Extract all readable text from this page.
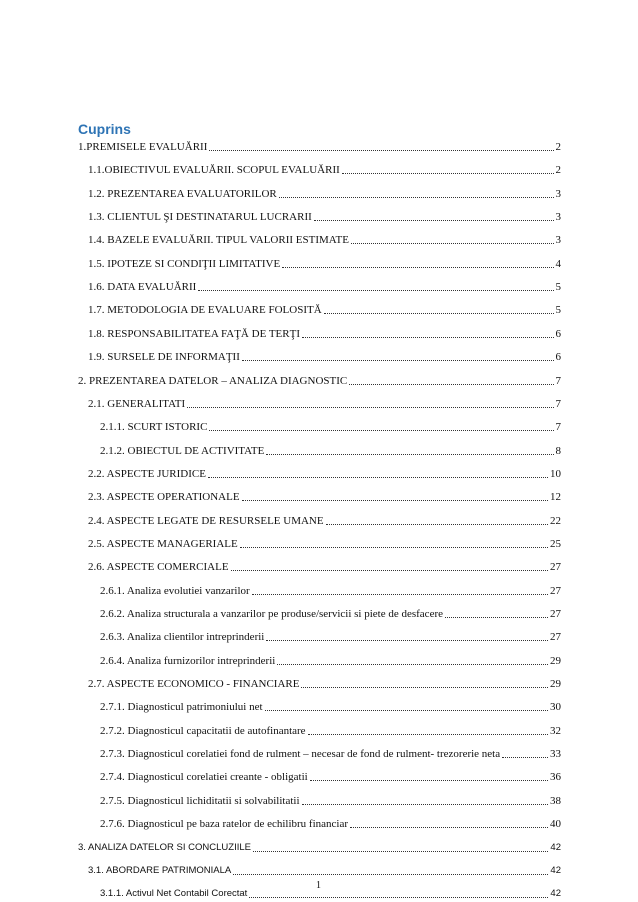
Cuprins
1.PREMISELE EVALUĂRII	2
1.1.OBIECTIVUL EVALUĂRII. SCOPUL EVALUĂRII	2
1.2. PREZENTAREA EVALUATORILOR	3
1.3. CLIENTUL ŞI DESTINATARUL LUCRARII	3
1.4. BAZELE EVALUĂRII. TIPUL VALORII ESTIMATE	3
1.5. IPOTEZE SI CONDIŢII LIMITATIVE	4
1.6. DATA EVALUĂRII	5
1.7. METODOLOGIA DE EVALUARE FOLOSITĂ	5
1.8. RESPONSABILITATEA FAŢĂ DE TERŢI	6
1.9. SURSELE DE INFORMAŢII	6
2. PREZENTAREA DATELOR – ANALIZA DIAGNOSTIC	7
2.1. GENERALITATI	7
2.1.1. SCURT ISTORIC	7
2.1.2. OBIECTUL DE ACTIVITATE	8
2.2. ASPECTE JURIDICE	10
2.3. ASPECTE OPERATIONALE	12
2.4. ASPECTE LEGATE DE RESURSELE UMANE	22
2.5. ASPECTE MANAGERIALE	25
2.6. ASPECTE COMERCIALE	27
2.6.1. Analiza evolutiei vanzarilor	27
2.6.2. Analiza structurala a vanzarilor pe produse/servicii si piete de desfacere	27
2.6.3. Analiza clientilor intreprinderii	27
2.6.4. Analiza furnizorilor intreprinderii	29
2.7. ASPECTE ECONOMICO - FINANCIARE	29
2.7.1. Diagnosticul patrimoniului net	30
2.7.2. Diagnosticul capacitatii de autofinantare	32
2.7.3. Diagnosticul corelatiei fond de rulment – necesar de fond de rulment- trezorerie neta	33
2.7.4. Diagnosticul corelatiei creante - obligatii	36
2.7.5. Diagnosticul lichiditatii si solvabilitatii	38
2.7.6. Diagnosticul pe baza ratelor de echilibru financiar	40
3. ANALIZA DATELOR SI CONCLUZIILE	42
3.1. ABORDARE PATRIMONIALA	42
3.1.1. Activul Net Contabil Corectat	42
1
